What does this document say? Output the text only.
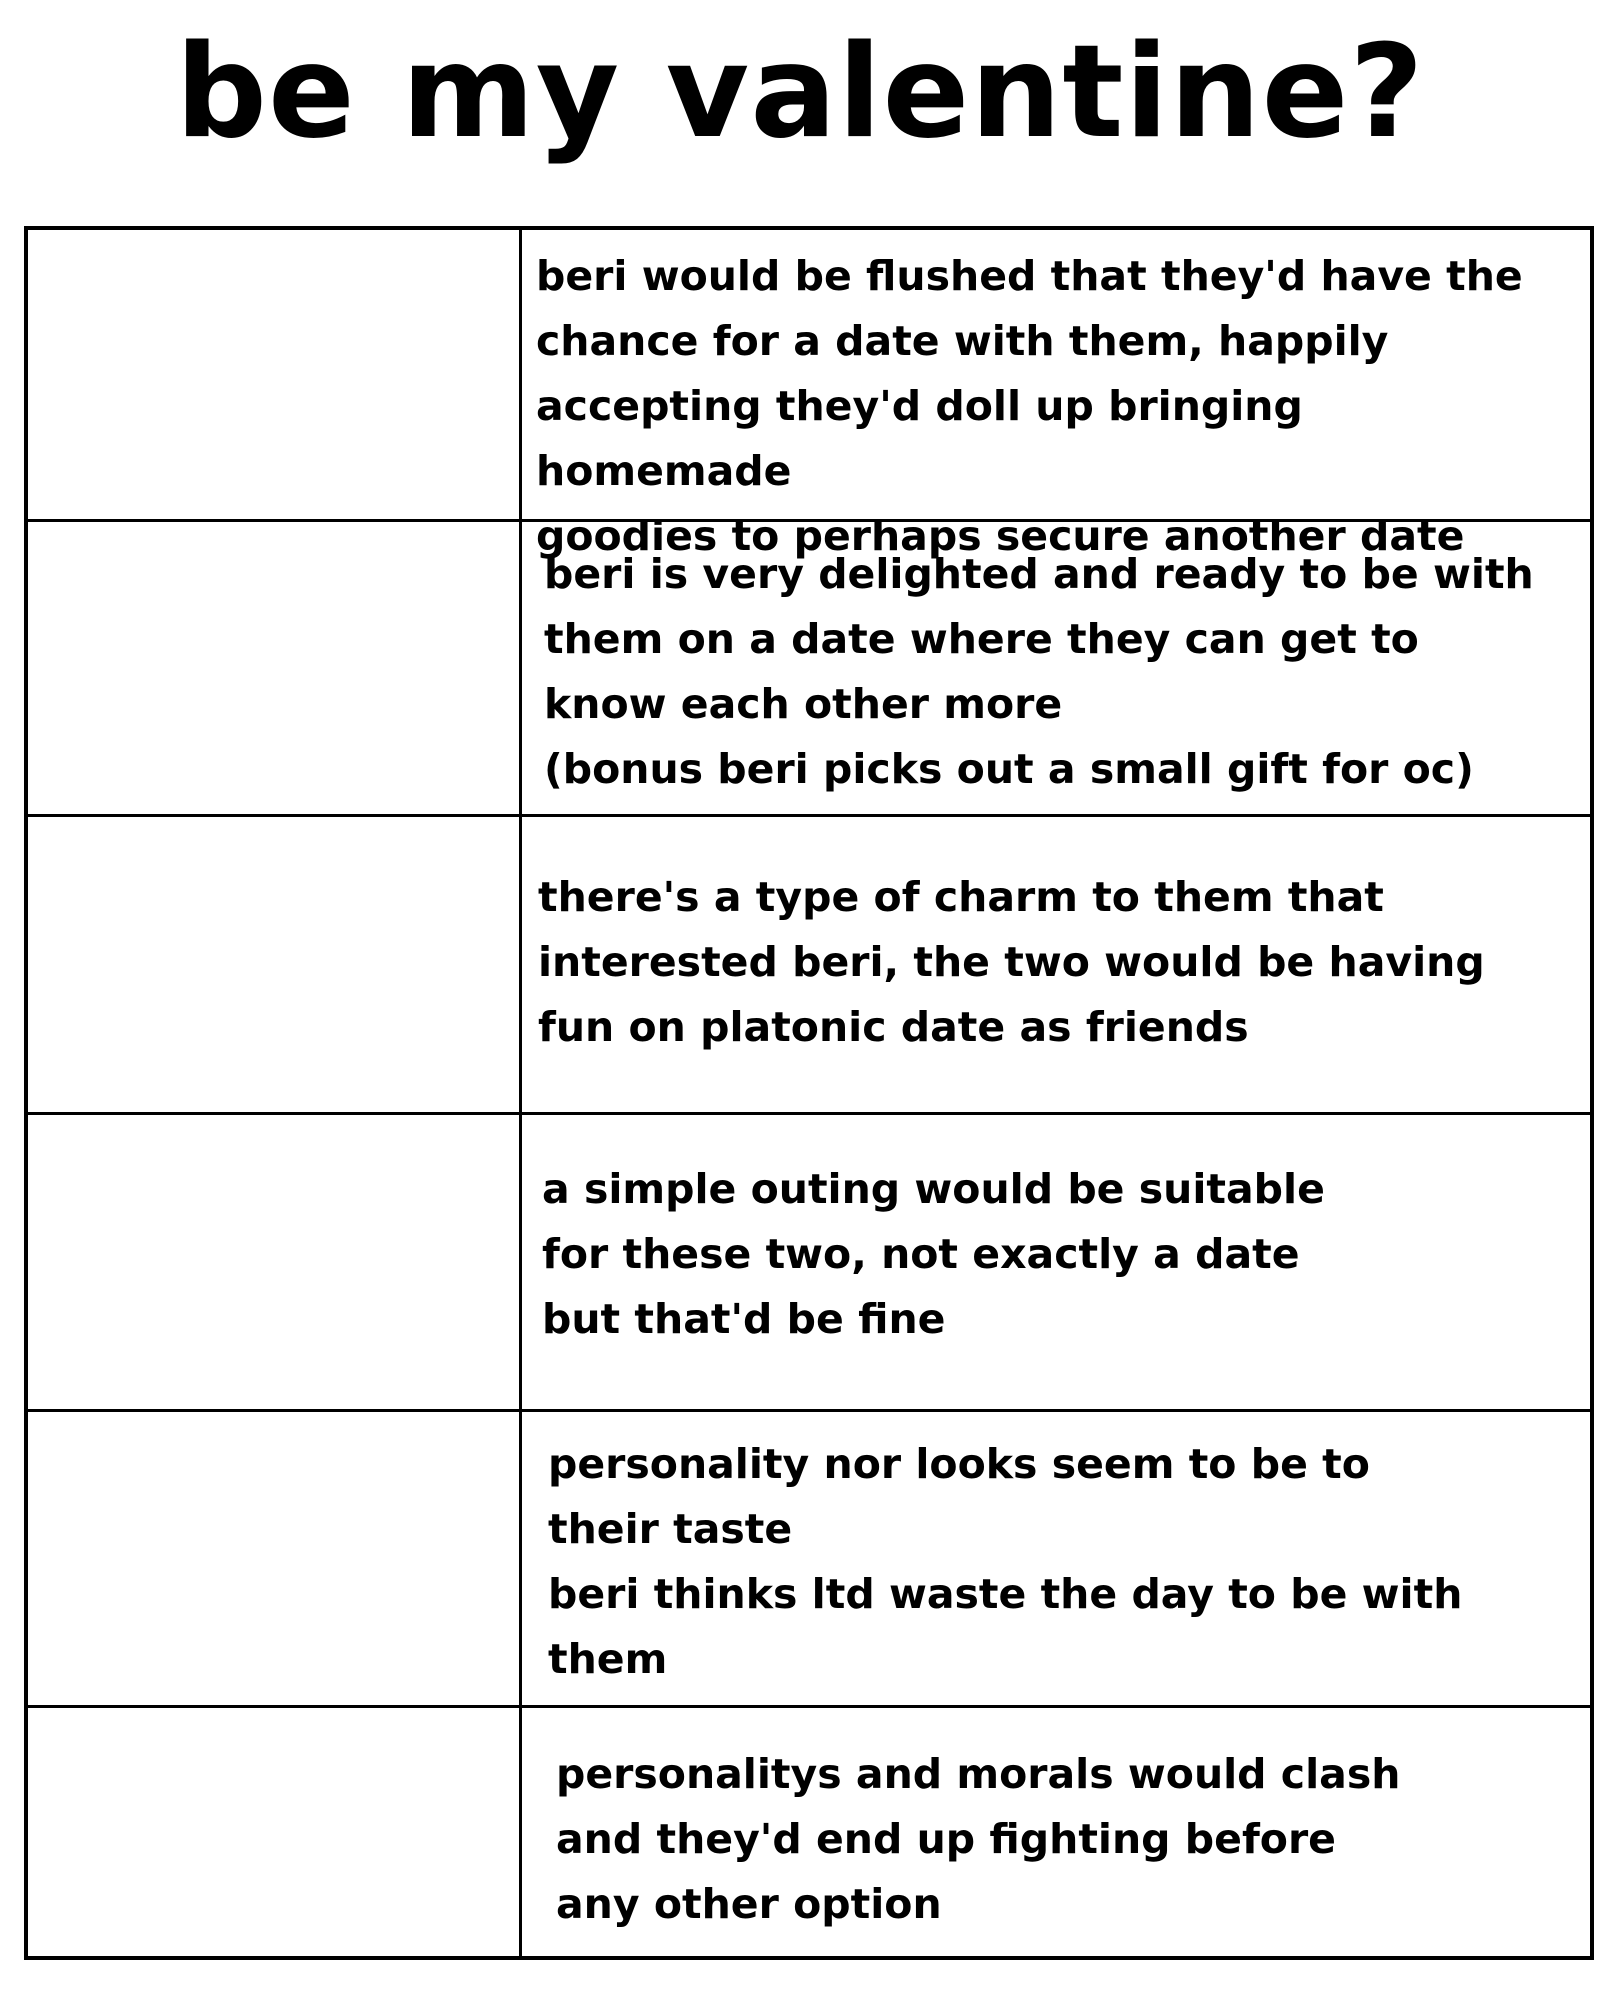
be my valentine?
beri would be flushed that they'd have the
chance for a date with them, happily
accepting they'd doll up bringing homemade
goodies to perhaps secure another date
beri is very delighted and ready to be with
them on a date where they can get to
know each other more
(bonus beri picks out a small gift for oc)
there's a type of charm to them that
interested beri, the two would be having
fun on platonic date as friends
a simple outing would be suitable
for these two, not exactly a date
but that'd be fine
personality nor looks seem to be to
their taste
beri thinks ltd waste the day to be with
them
personalitys and morals would clash
and they'd end up fighting before
any other option
